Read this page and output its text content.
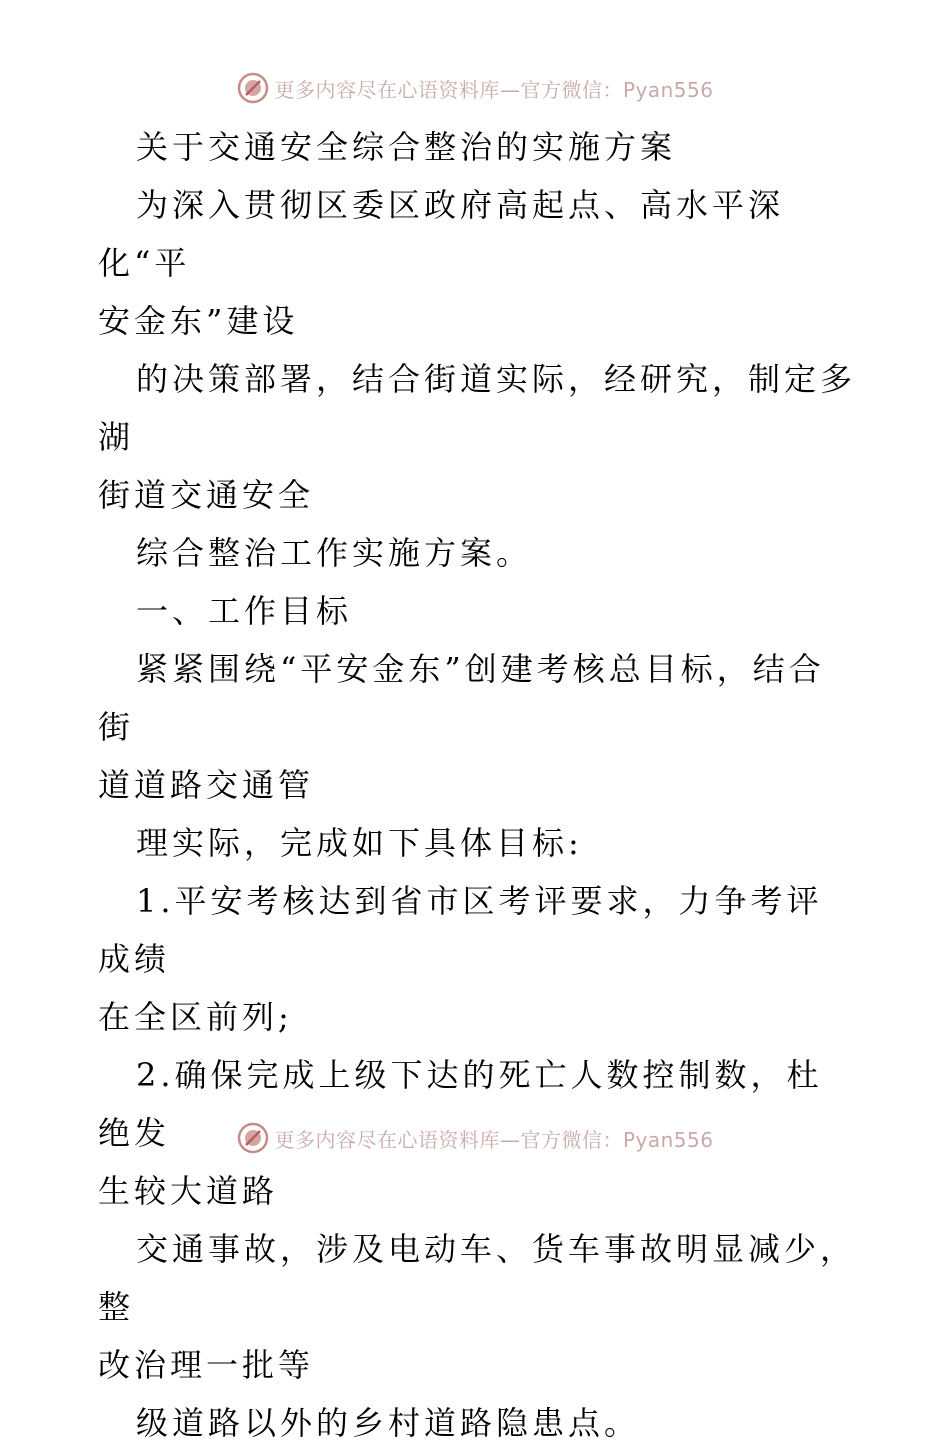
更多内容尽在心语资料库—官方微信：Pyan556

关于交通安全综合整治的实施方案

为深入贯彻区委区政府高起点、高水平深化“平

安金东”建设

的决策部署，结合街道实际，经研究，制定多湖

街道交通安全

综合整治工作实施方案。

一、工作目标

紧紧围绕“平安金东”创建考核总目标，结合街

道道路交通管

理实际，完成如下具体目标:

1.平安考核达到省市区考评要求，力争考评成绩

在全区前列;

2.确保完成上级下达的死亡人数控制数，杜绝发

生较大道路

交通事故，涉及电动车、货车事故明显减少，整

改治理一批等

级道路以外的乡村道路隐患点。

更多内容尽在心语资料库—官方微信：Pyan556
